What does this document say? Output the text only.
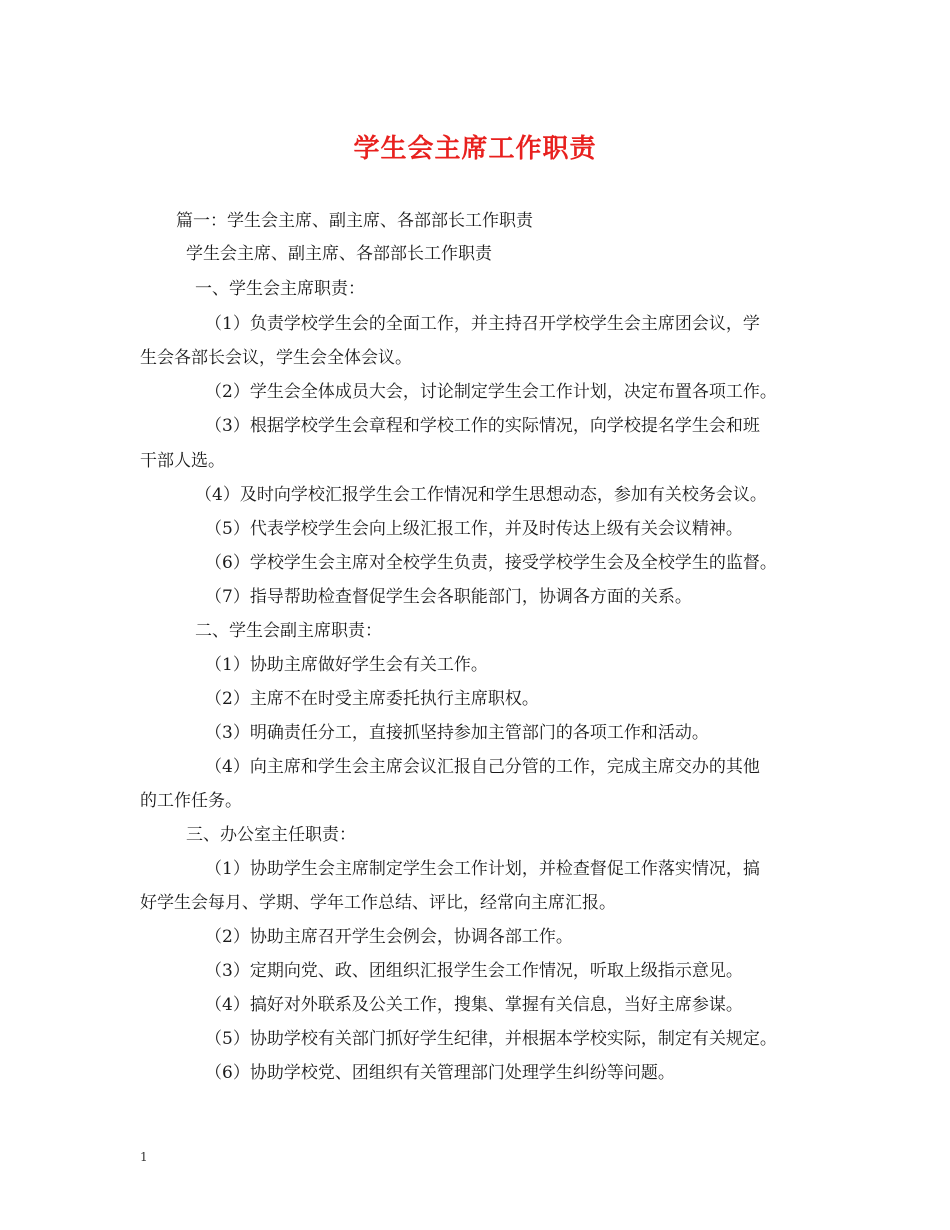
学生会主席工作职责
篇一：学生会主席、副主席、各部部长工作职责
学生会主席、副主席、各部部长工作职责
一、学生会主席职责：
（1）负责学校学生会的全面工作，并主持召开学校学生会主席团会议，学
生会各部长会议，学生会全体会议。
（2）学生会全体成员大会，讨论制定学生会工作计划，决定布置各项工作。
（3）根据学校学生会章程和学校工作的实际情况，向学校提名学生会和班
干部人选。
（4）及时向学校汇报学生会工作情况和学生思想动态，参加有关校务会议。
（5）代表学校学生会向上级汇报工作，并及时传达上级有关会议精神。
（6）学校学生会主席对全校学生负责，接受学校学生会及全校学生的监督。
（7）指导帮助检查督促学生会各职能部门，协调各方面的关系。
二、学生会副主席职责：
（1）协助主席做好学生会有关工作。
（2）主席不在时受主席委托执行主席职权。
（3）明确责任分工，直接抓坚持参加主管部门的各项工作和活动。
（4）向主席和学生会主席会议汇报自己分管的工作，完成主席交办的其他
的工作任务。
三、办公室主任职责：
（1）协助学生会主席制定学生会工作计划，并检查督促工作落实情况，搞
好学生会每月、学期、学年工作总结、评比，经常向主席汇报。
（2）协助主席召开学生会例会，协调各部工作。
（3）定期向党、政、团组织汇报学生会工作情况，听取上级指示意见。
（4）搞好对外联系及公关工作，搜集、掌握有关信息，当好主席参谋。
（5）协助学校有关部门抓好学生纪律，并根据本学校实际，制定有关规定。
（6）协助学校党、团组织有关管理部门处理学生纠纷等问题。
1
